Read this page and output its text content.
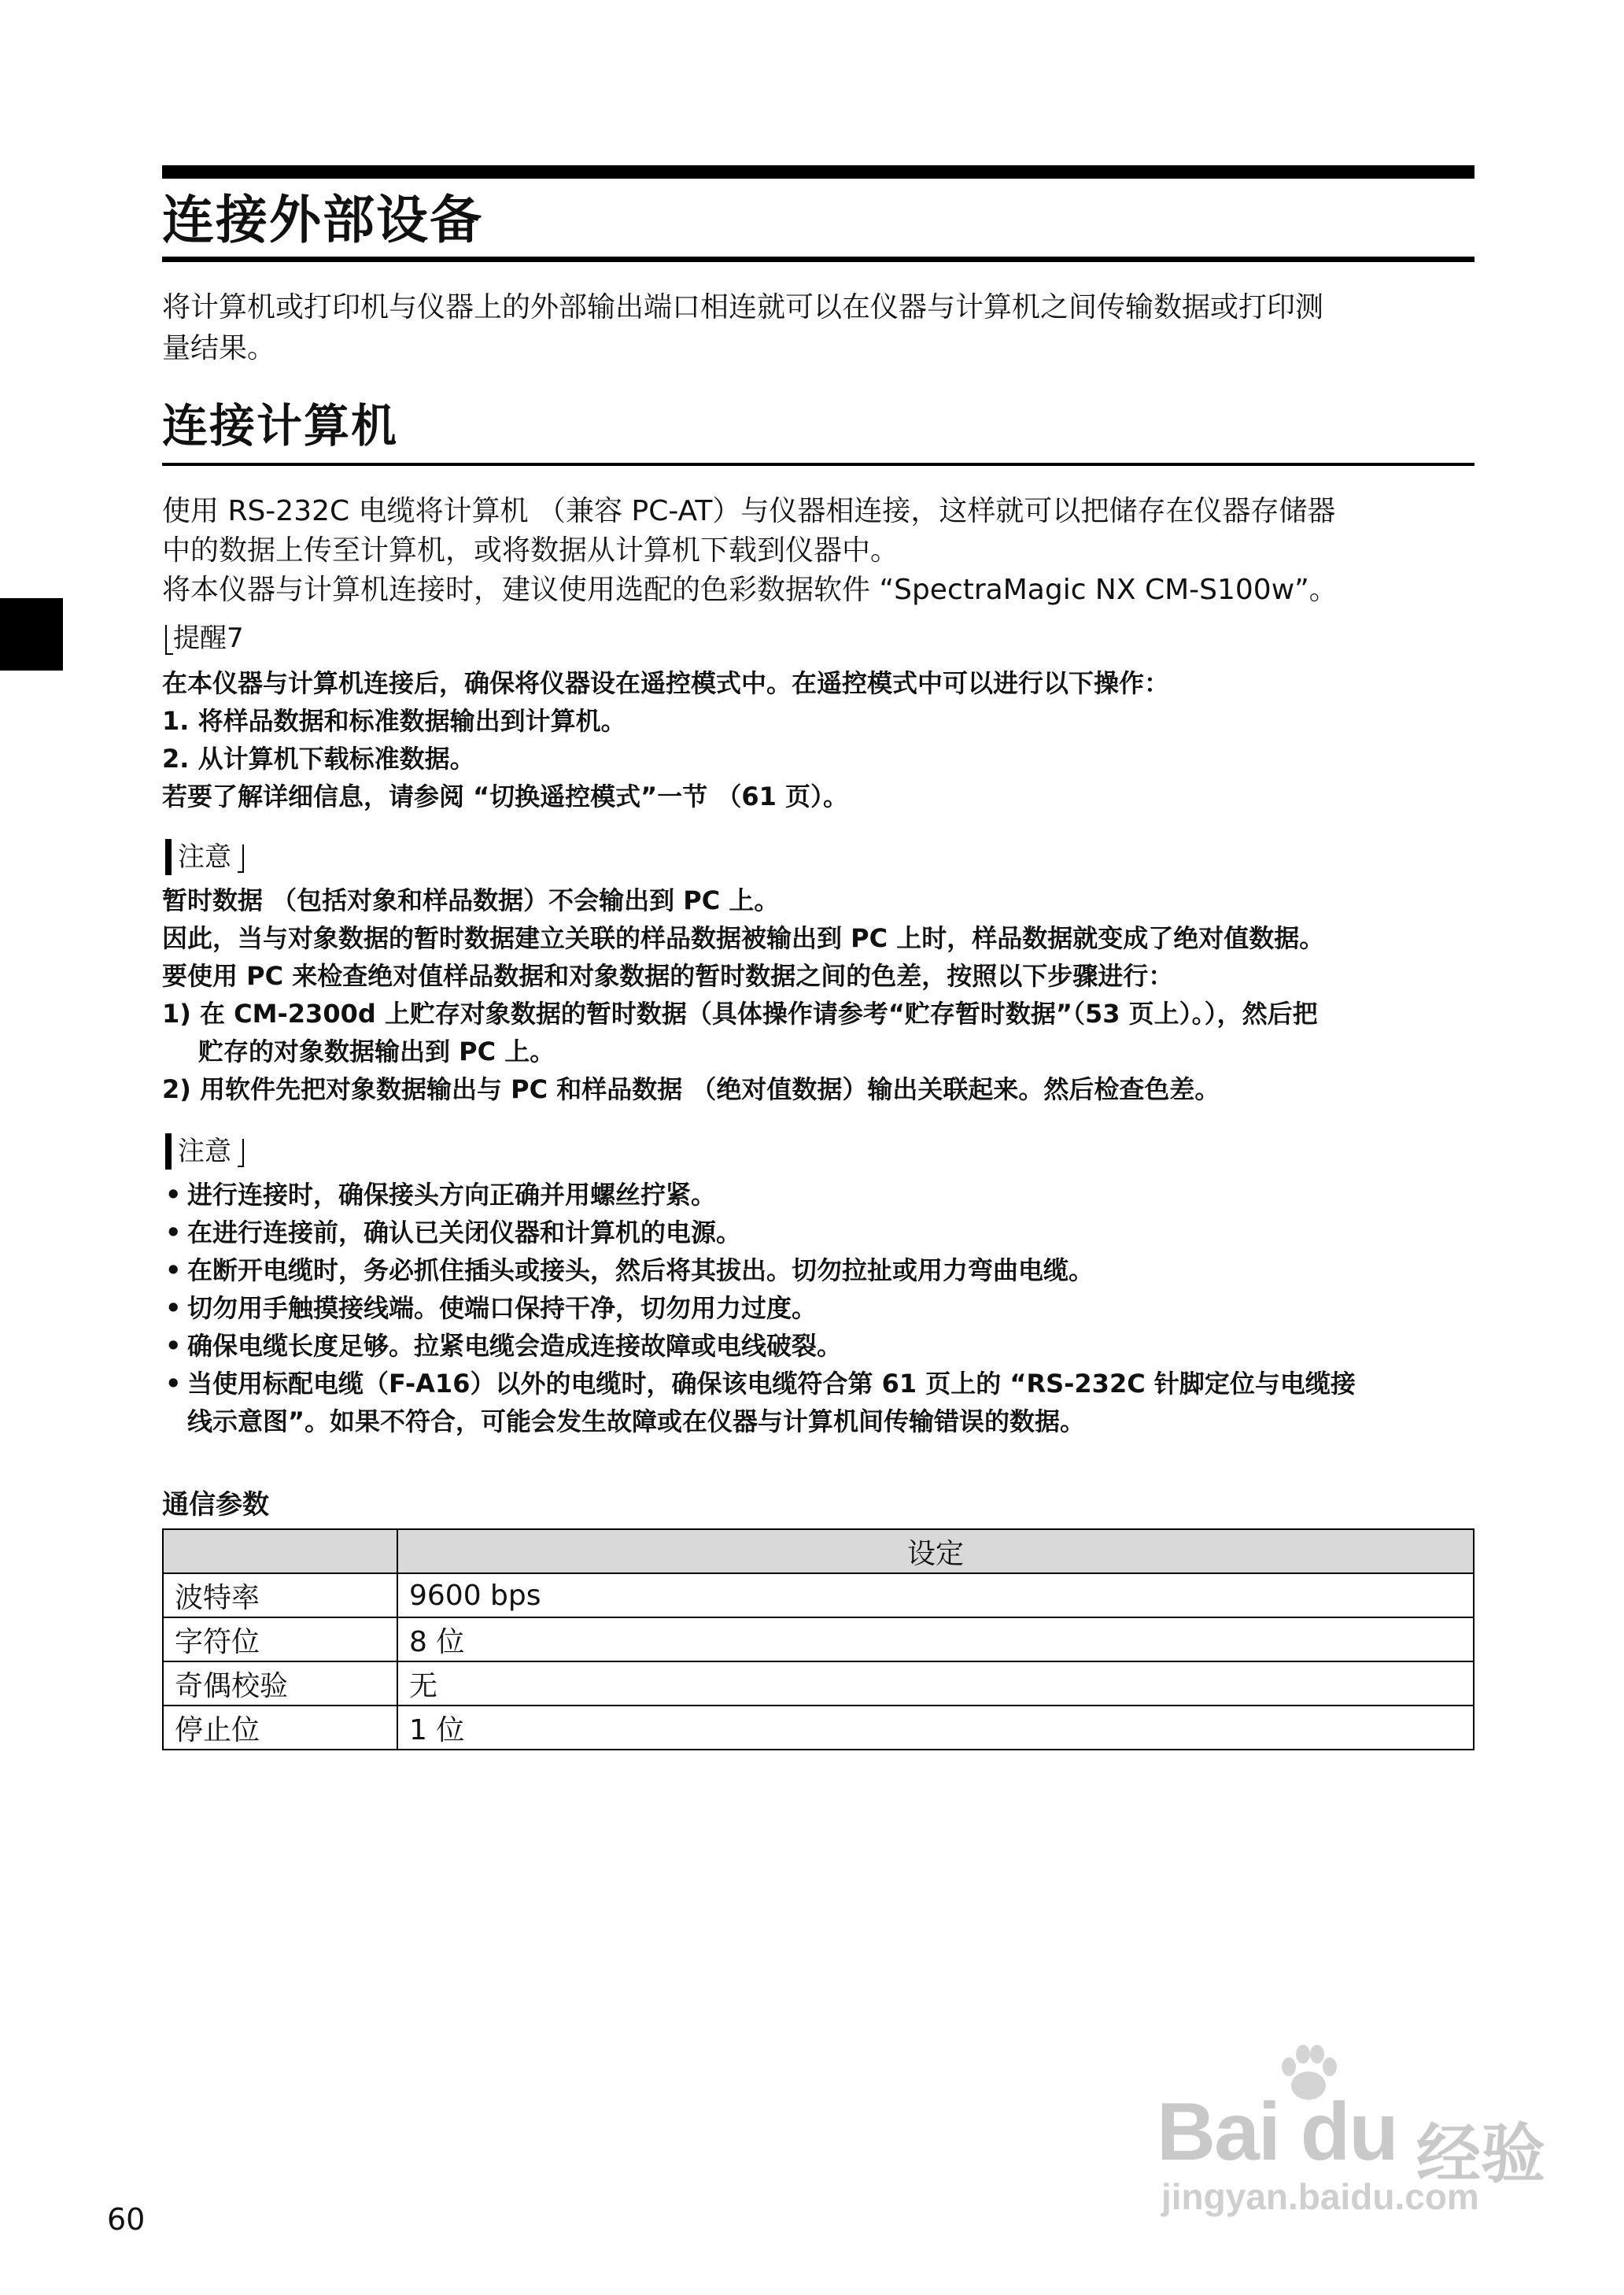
连接外部设备
将计算机或打印机与仪器上的外部输出端口相连就可以在仪器与计算机之间传输数据或打印测
量结果。
连接计算机
使用 RS-232C 电缆将计算机 （兼容 PC-AT）与仪器相连接，这样就可以把储存在仪器存储器
中的数据上传至计算机，或将数据从计算机下载到仪器中。
将本仪器与计算机连接时，建议使用选配的色彩数据软件 “SpectraMagic NX CM-S100w”。
提醒7
在本仪器与计算机连接后，确保将仪器设在遥控模式中。在遥控模式中可以进行以下操作：
1. 将样品数据和标准数据输出到计算机。
2. 从计算机下载标准数据。
若要了解详细信息，请参阅 “切换遥控模式”一节 （61 页）。
注意
暂时数据 （包括对象和样品数据）不会输出到 PC 上。
因此，当与对象数据的暂时数据建立关联的样品数据被输出到 PC 上时，样品数据就变成了绝对值数据。
要使用 PC 来检查绝对值样品数据和对象数据的暂时数据之间的色差，按照以下步骤进行：
1) 在 CM-2300d 上贮存对象数据的暂时数据（具体操作请参考“贮存暂时数据”（53 页上）。），然后把
贮存的对象数据输出到 PC 上。
2) 用软件先把对象数据输出与 PC 和样品数据 （绝对值数据）输出关联起来。然后检查色差。
注意
• 进行连接时，确保接头方向正确并用螺丝拧紧。
• 在进行连接前，确认已关闭仪器和计算机的电源。
• 在断开电缆时，务必抓住插头或接头，然后将其拔出。切勿拉扯或用力弯曲电缆。
• 切勿用手触摸接线端。使端口保持干净，切勿用力过度。
• 确保电缆长度足够。拉紧电缆会造成连接故障或电线破裂。
• 当使用标配电缆（F-A16）以外的电缆时，确保该电缆符合第 61 页上的 “RS-232C 针脚定位与电缆接
线示意图”。如果不符合，可能会发生故障或在仪器与计算机间传输错误的数据。
通信参数
	设定
波特率	9600 bps
字符位	8 位
奇偶校验	无
停止位	1 位
60
Bai du 经验
jingyan.baidu.com
